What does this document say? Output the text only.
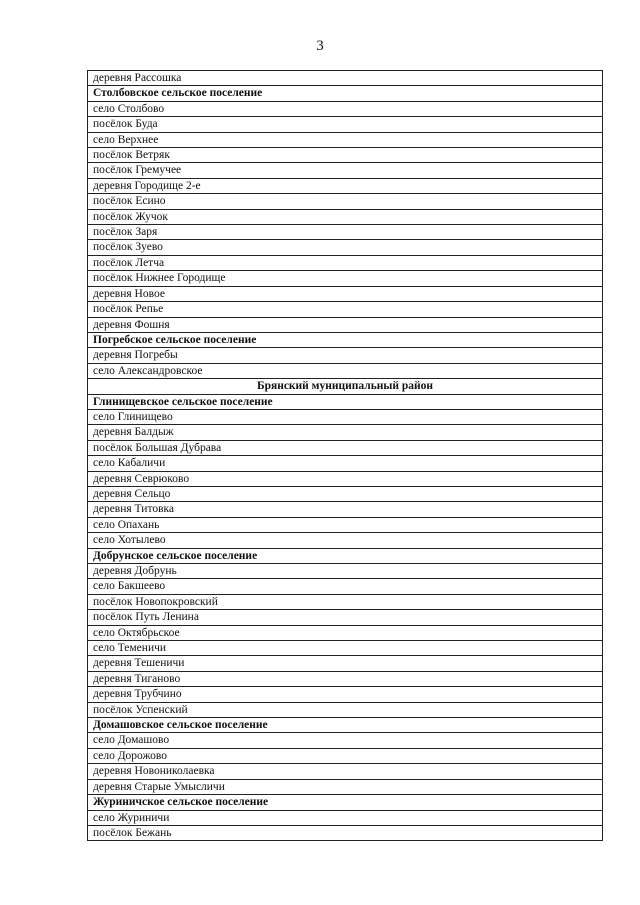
3
деревня Рассошка
Столбовское сельское поселение
село Столбово
посёлок Буда
село Верхнее
посёлок Ветряк
посёлок Гремучее
деревня Городище 2-е
посёлок Есино
посёлок Жучок
посёлок Заря
посёлок Зуево
посёлок Летча
посёлок Нижнее Городище
деревня Новое
посёлок Репье
деревня Фошня
Погребское сельское поселение
деревня Погребы
село Александровское
Брянский муниципальный район
Глинищевское сельское поселение
село Глинищево
деревня Балдыж
посёлок Большая Дубрава
село Кабаличи
деревня Севрюково
деревня Сельцо
деревня Титовка
село Опахань
село Хотылево
Добрунское сельское поселение
деревня Добрунь
село Бакшеево
посёлок Новопокровский
посёлок Путь Ленина
село Октябрьское
село Теменичи
деревня Тешеничи
деревня Тиганово
деревня Трубчино
посёлок Успенский
Домашовское сельское поселение
село Домашово
село Дорожово
деревня Новониколаевка
деревня Старые Умысличи
Журиничское сельское поселение
село Журиничи
посёлок Бежань
